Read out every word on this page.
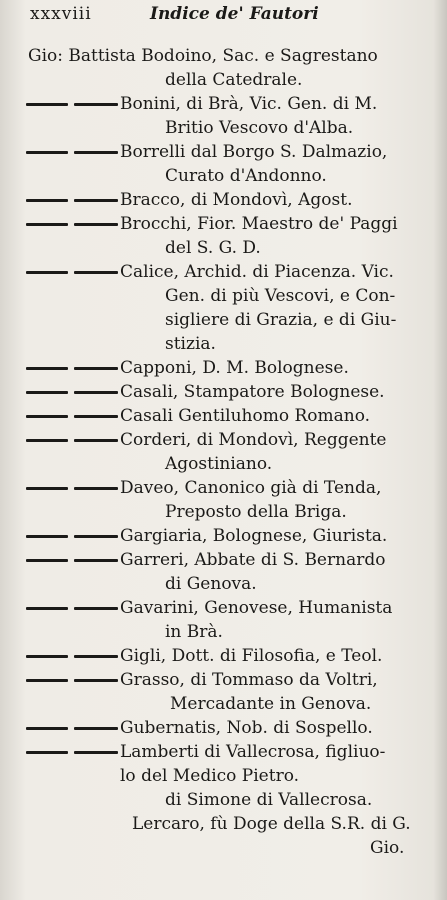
xxxviii	Indice de' Fautori
Gio: Battista Bodoino, Sac. e Sagrestano
della Catedrale.
Bonini, di Brà, Vic. Gen. di M.
Britio Vescovo d'Alba.
Borrelli dal Borgo S. Dalmazio,
Curato d'Andonno.
Bracco, di Mondovì, Agost.
Brocchi, Fior. Maestro de' Paggi
del S. G. D.
Calice, Archid. di Piacenza. Vic.
Gen. di più Vescovi, e Con-
sigliere di Grazia, e di Giu-
stizia.
Capponi, D. M. Bolognese.
Casali, Stampatore Bolognese.
Casali Gentiluhomo Romano.
Corderi, di Mondovì, Reggente
Agostiniano.
Daveo, Canonico già di Tenda,
Preposto della Briga.
Gargiaria, Bolognese, Giurista.
Garreri, Abbate di S. Bernardo
di Genova.
Gavarini, Genovese, Humanista
in Brà.
Gigli, Dott. di Filosofia, e Teol.
Grasso, di Tommaso da Voltri,
Mercadante in Genova.
Gubernatis, Nob. di Sospello.
Lamberti di Vallecrosa, figliuo-
lo del Medico Pietro.
di Simone di Vallecrosa.
Lercaro, fù Doge della S.R. di G.
Gio.
